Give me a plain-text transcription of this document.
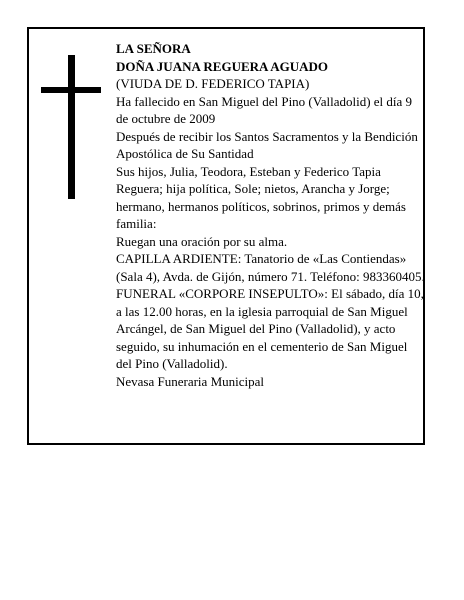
LA SEÑORA

DOÑA JUANA REGUERA AGUADO

(VIUDA DE D. FEDERICO TAPIA)

Ha fallecido en San Miguel del Pino (Valladolid) el día 9 de octubre de 2009

Después de recibir los Santos Sacramentos y la Bendición Apostólica de Su Santidad

Sus hijos, Julia, Teodora, Esteban y Federico Tapia Reguera; hija política, Sole; nietos, Arancha y Jorge; hermano, hermanos políticos, sobrinos, primos y demás familia:

Ruegan una oración por su alma.

CAPILLA ARDIENTE: Tanatorio de «Las Contiendas» (Sala 4), Avda. de Gijón, número 71. Teléfono: 983360405.

FUNERAL «CORPORE INSEPULTO»: El sábado, día 10, a las 12.00 horas, en la iglesia parroquial de San Miguel Arcángel, de San Miguel del Pino (Valladolid), y acto seguido, su inhumación en el cementerio de San Miguel del Pino (Valladolid).

Nevasa Funeraria Municipal
